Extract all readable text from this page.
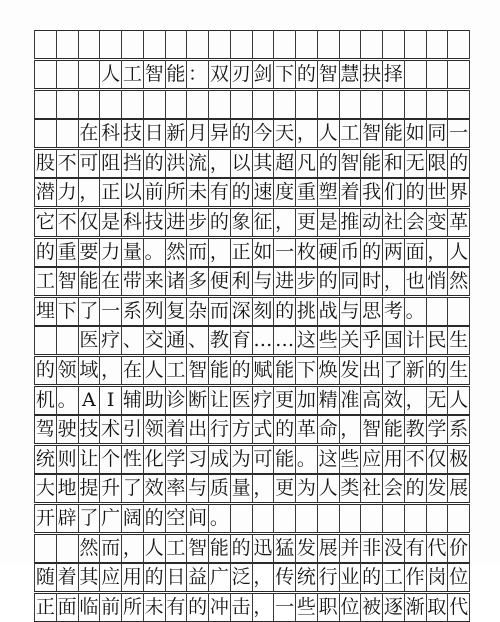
人 工 智 能 ： 双 刃 剑 下 的 智 慧 抉 择
在 科 技 日 新 月 异 的 今 天 ， 人 工 智 能 如 同 一
股 不 可 阻 挡 的 洪 流 ， 以 其 超 凡 的 智 能 和 无 限 的
潜 力 ， 正 以 前 所 未 有 的 速 度 重 塑 着 我 们 的 世 界
它 不 仅 是 科 技 进 步 的 象 征 ， 更 是 推 动 社 会 变 革
的 重 要 力 量 。 然 而 ， 正 如 一 枚 硬 币 的 两 面 ， 人
工 智 能 在 带 来 诸 多 便 利 与 进 步 的 同 时 ， 也 悄 然
埋 下 了 一 系 列 复 杂 而 深 刻 的 挑 战 与 思 考 。
医 疗 、 交 通 、 教 育 … … 这 些 关 乎 国 计 民 生
的 领 域 ， 在 人 工 智 能 的 赋 能 下 焕 发 出 了 新 的 生
机 。 A I 辅 助 诊 断 让 医 疗 更 加 精 准 高 效 ， 无 人
驾 驶 技 术 引 领 着 出 行 方 式 的 革 命 ， 智 能 教 学 系
统 则 让 个 性 化 学 习 成 为 可 能 。 这 些 应 用 不 仅 极
大 地 提 升 了 效 率 与 质 量 ， 更 为 人 类 社 会 的 发 展
开 辟 了 广 阔 的 空 间 。
然 而 ， 人 工 智 能 的 迅 猛 发 展 并 非 没 有 代 价
随 着 其 应 用 的 日 益 广 泛 ， 传 统 行 业 的 工 作 岗 位
正 面 临 前 所 未 有 的 冲 击 ， 一 些 职 位 被 逐 渐 取 代
